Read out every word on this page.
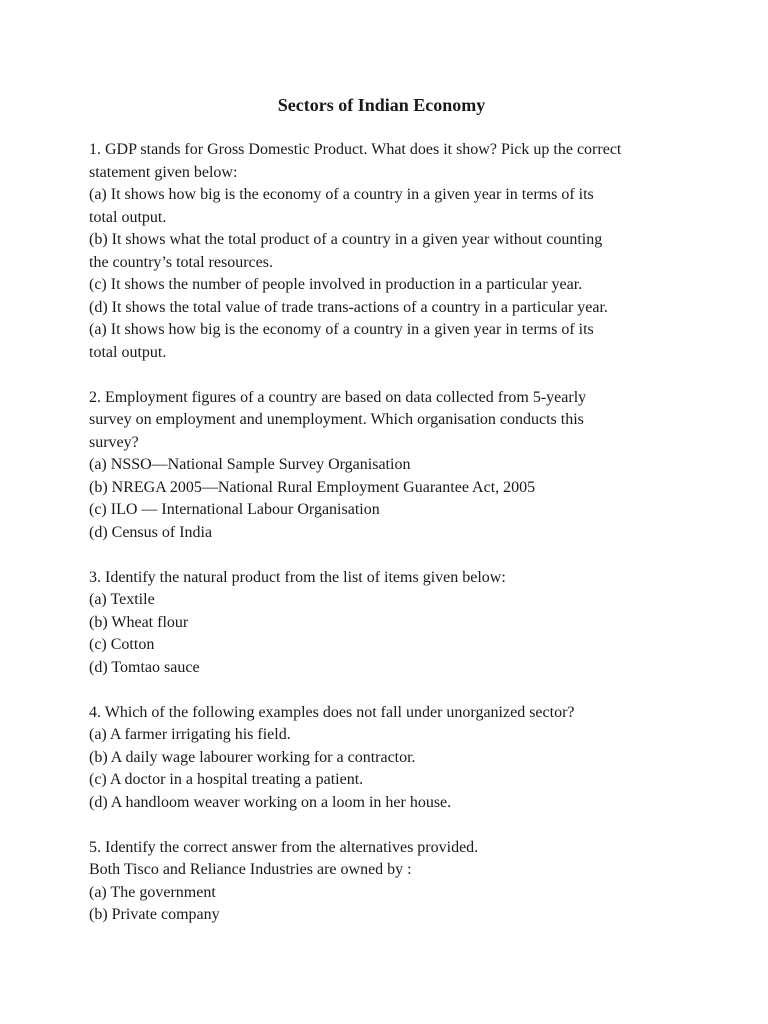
Sectors of Indian Economy
1. GDP stands for Gross Domestic Product. What does it show? Pick up the correct
statement given below:
(a) It shows how big is the economy of a country in a given year in terms of its
total output.
(b) It shows what the total product of a country in a given year without counting
the country’s total resources.
(c) It shows the number of people involved in production in a particular year.
(d) It shows the total value of trade trans-actions of a country in a particular year.
(a) It shows how big is the economy of a country in a given year in terms of its
total output.
2. Employment figures of a country are based on data collected from 5-yearly
survey on employment and unemployment. Which organisation conducts this
survey?
(a) NSSO—National Sample Survey Organisation
(b) NREGA 2005—National Rural Employment Guarantee Act, 2005
(c) ILO — International Labour Organisation
(d) Census of India
3. Identify the natural product from the list of items given below:
(a) Textile
(b) Wheat flour
(c) Cotton
(d) Tomtao sauce
4. Which of the following examples does not fall under unorganized sector?
(a) A farmer irrigating his field.
(b) A daily wage labourer working for a contractor.
(c) A doctor in a hospital treating a patient.
(d) A handloom weaver working on a loom in her house.
5. Identify the correct answer from the alternatives provided.
Both Tisco and Reliance Industries are owned by :
(a) The government
(b) Private company
